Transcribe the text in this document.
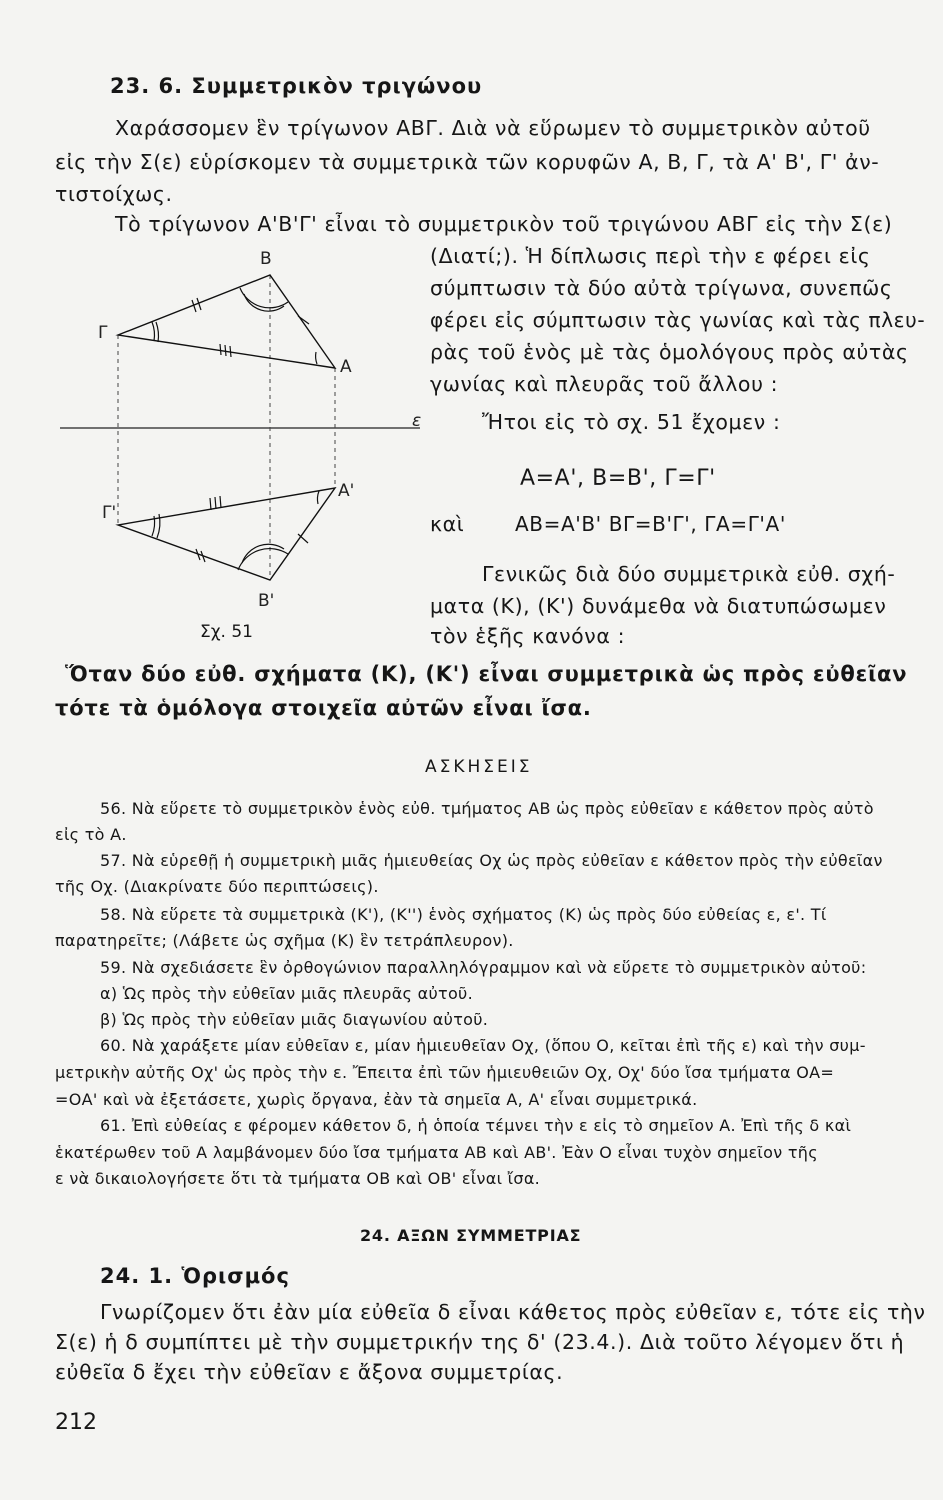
23. 6. Συμμετρικὸν τριγώνου
Χαράσσομεν ἓν τρίγωνον ΑΒΓ. Διὰ νὰ εὕρωμεν τὸ συμμετρικὸν αὐτοῦ
εἰς τὴν Σ(ε) εὑρίσκομεν τὰ συμμετρικὰ τῶν κορυφῶν Α, Β, Γ, τὰ Α' Β', Γ' ἀν-
τιστοίχως.
Τὸ τρίγωνον Α'Β'Γ' εἶναι τὸ συμμετρικὸν τοῦ τριγώνου ΑΒΓ εἰς τὴν Σ(ε)
(Διατί;). Ἡ δίπλωσις περὶ τὴν ε φέρει εἰς
σύμπτωσιν τὰ δύο αὐτὰ τρίγωνα, συνεπῶς
φέρει εἰς σύμπτωσιν τὰς γωνίας καὶ τὰς πλευ-
ρὰς τοῦ ἑνὸς μὲ τὰς ὁμολόγους πρὸς αὐτὰς
γωνίας καὶ πλευρᾶς τοῦ ἄλλου :
Ἤτοι εἰς τὸ σχ. 51 ἔχομεν :
Α=Α', Β=Β', Γ=Γ'
καὶ	ΑΒ=Α'Β' ΒΓ=Β'Γ', ΓΑ=Γ'Α'
Γενικῶς διὰ δύο συμμετρικὰ εὐθ. σχή-
ματα (Κ), (Κ') δυνάμεθα νὰ διατυπώσωμεν
τὸν ἑξῆς κανόνα :
Β
Γ
Α
ε
Α'
Γ'
Β'
Σχ. 51
Ὅταν δύο εὐθ. σχήματα (Κ), (Κ') εἶναι συμμετρικὰ ὡς πρὸς εὐθεῖαν
τότε τὰ ὁμόλογα στοιχεῖα αὐτῶν εἶναι ἴσα.
ΑΣΚΗΣΕΙΣ
56. Νὰ εὕρετε τὸ συμμετρικὸν ἑνὸς εὐθ. τμήματος ΑΒ ὡς πρὸς εὐθεῖαν ε κάθετον πρὸς αὐτὸ
εἰς τὸ Α.
57. Νὰ εὑρεθῇ ἡ συμμετρικὴ μιᾶς ἡμιευθείας Οχ ὡς πρὸς εὐθεῖαν ε κάθετον πρὸς τὴν εὐθεῖαν
τῆς Οχ. (Διακρίνατε δύο περιπτώσεις).
58. Νὰ εὕρετε τὰ συμμετρικὰ (Κ'), (Κ'') ἑνὸς σχήματος (Κ) ὡς πρὸς δύο εὐθείας ε, ε'. Τί
παρατηρεῖτε; (Λάβετε ὡς σχῆμα (Κ) ἓν τετράπλευρον).
59. Νὰ σχεδιάσετε ἓν ὀρθογώνιον παραλληλόγραμμον καὶ νὰ εὕρετε τὸ συμμετρικὸν αὐτοῦ:
α) Ὡς πρὸς τὴν εὐθεῖαν μιᾶς πλευρᾶς αὐτοῦ.
β) Ὡς πρὸς τὴν εὐθεῖαν μιᾶς διαγωνίου αὐτοῦ.
60. Νὰ χαράξετε μίαν εὐθεῖαν ε, μίαν ἡμιευθεῖαν Οχ, (ὅπου Ο, κεῖται ἐπὶ τῆς ε) καὶ τὴν συμ-
μετρικὴν αὐτῆς Οχ' ὡς πρὸς τὴν ε. Ἔπειτα ἐπὶ τῶν ἡμιευθειῶν Οχ, Οχ' δύο ἴσα τμήματα ΟΑ=
=ΟΑ' καὶ νὰ ἐξετάσετε, χωρὶς ὄργανα, ἐὰν τὰ σημεῖα Α, Α' εἶναι συμμετρικά.
61. Ἐπὶ εὐθείας ε φέρομεν κάθετον δ, ἡ ὁποία τέμνει τὴν ε εἰς τὸ σημεῖον Α. Ἐπὶ τῆς δ καὶ
ἑκατέρωθεν τοῦ Α λαμβάνομεν δύο ἴσα τμήματα ΑΒ καὶ ΑΒ'. Ἐὰν Ο εἶναι τυχὸν σημεῖον τῆς
ε νὰ δικαιολογήσετε ὅτι τὰ τμήματα ΟΒ καὶ ΟΒ' εἶναι ἴσα.
24. ΑΞΩΝ ΣΥΜΜΕΤΡΙΑΣ
24. 1. Ὁρισμός
Γνωρίζομεν ὅτι ἐὰν μία εὐθεῖα δ εἶναι κάθετος πρὸς εὐθεῖαν ε, τότε εἰς τὴν
Σ(ε) ἡ δ συμπίπτει μὲ τὴν συμμετρικήν της δ' (23.4.). Διὰ τοῦτο λέγομεν ὅτι ἡ
εὐθεῖα δ ἔχει τὴν εὐθεῖαν ε ἄξονα συμμετρίας.
212
